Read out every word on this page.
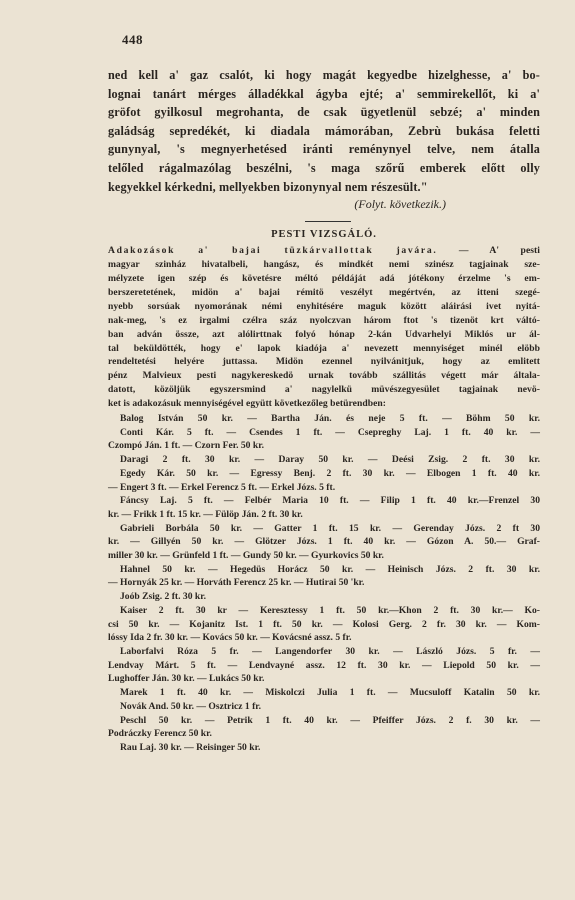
448

ned kell a' gaz csalót, ki hogy magát kegyedbe hizelghesse, a' bo-

lognai tanárt mérges álladékkal ágyba ejté; a' semmirekellőt, ki a'

gröfot gyilkosul megrohanta, de csak ügyetlenül sebzé; a' minden

galádság sepredékét, ki diadala mámorában, Zebrù bukása feletti

gunynyal, 's megnyerhetésed iránti reménynyel telve, nem átalla

telőled rágalmazólag beszélni, 's maga szőrű emberek előtt olly

kegyekkel kérkedni, mellyekben bizonynyal nem részesült."

(Folyt. következik.)
PESTI VIZSGÁLÓ.

Adakozások a' bajai tüzkárvallottak javára. — A' pesti

magyar szinház hivatalbeli, hangász, és mindkét nemi szinész tagjainak sze-

mélyzete igen szép és követésre méltó példáját adá jótékony érzelme 's em-

berszeretetének, midön a' bajai rémitö veszélyt megértvén, az itteni szegé-

nyebb sorsúak nyomorának némi enyhitésére maguk között aláirási ivet nyitá-

nak-meg, 's ez irgalmi czélra száz nyolczvan három ftot 's tizenöt krt váltó-

ban adván össze, azt alólirttnak folyó hónap 2-kán Udvarhelyi Miklós ur ál-

tal beküldötték, hogy e' lapok kiadója a' nevezett mennyiséget minél elöbb

rendeltetési helyére juttassa. Midön ezennel nyilvánitjuk, hogy az emlitett

pénz Malvieux pesti nagykereskedö urnak tovább szállitás végett már általa-

datott, közöljük egyszersmind a' nagylelkü müvészegyesület tagjainak nevö-

ket is adakozásuk mennyiségével együtt következőleg betürendben:

Balog István 50 kr. — Bartha Ján. és neje 5 ft. — Böhm 50 kr.
Conti Kár. 5 ft. — Csendes 1 ft. — Csepreghy Laj. 1 ft. 40 kr. —
Czompó Ján. 1 ft. — Czorn Fer. 50 kr.
Daragi 2 ft. 30 kr. — Daray 50 kr. — Deési Zsig. 2 ft. 30 kr.
Egedy Kár. 50 kr. — Egressy Benj. 2 ft. 30 kr. — Elbogen 1 ft. 40 kr.
— Engert 3 ft. — Erkel Ferencz 5 ft. — Erkel Józs. 5 ft.
Fáncsy Laj. 5 ft. — Felbér Maria 10 ft. — Filip 1 ft. 40 kr.—Frenzel 30
kr. — Frikk 1 ft. 15 kr. — Fülöp Ján. 2 ft. 30 kr.
Gabrieli Borbála 50 kr. — Gatter 1 ft. 15 kr. — Gerenday Józs. 2 ft 30
kr. — Gillyén 50 kr. — Glötzer Józs. 1 ft. 40 kr. — Gózon A. 50.— Graf-
miller 30 kr. — Grünfeld 1 ft. — Gundy 50 kr. — Gyurkovics 50 kr.
Hahnel 50 kr. — Hegedüs Horácz 50 kr. — Heinisch Józs. 2 ft. 30 kr.
— Hornyák 25 kr. — Horváth Ferencz 25 kr. — Hutirai 50 'kr.
Joób Zsig. 2 ft. 30 kr.
Kaiser 2 ft. 30 kr — Keresztessy 1 ft. 50 kr.—Khon 2 ft. 30 kr.— Ko-
csi 50 kr. — Kojanitz Ist. 1 ft. 50 kr. — Kolosi Gerg. 2 fr. 30 kr. — Kom-
lóssy Ida 2 fr. 30 kr. — Kovács 50 kr. — Kovácsné assz. 5 fr.
Laborfalvi Róza 5 fr. — Langendorfer 30 kr. — László Józs. 5 fr. —
Lendvay Márt. 5 ft. — Lendvayné assz. 12 ft. 30 kr. — Liepold 50 kr. —
Lughoffer Ján. 30 kr. — Lukács 50 kr.
Marek 1 ft. 40 kr. — Miskolczi Julia 1 ft. — Mucsuloff Katalin 50 kr.
Novák And. 50 kr. — Osztricz 1 fr.
Peschl 50 kr. — Petrik 1 ft. 40 kr. — Pfeiffer Józs. 2 f. 30 kr. —
Podráczky Ferencz 50 kr.
Rau Laj. 30 kr. — Reisinger 50 kr.
